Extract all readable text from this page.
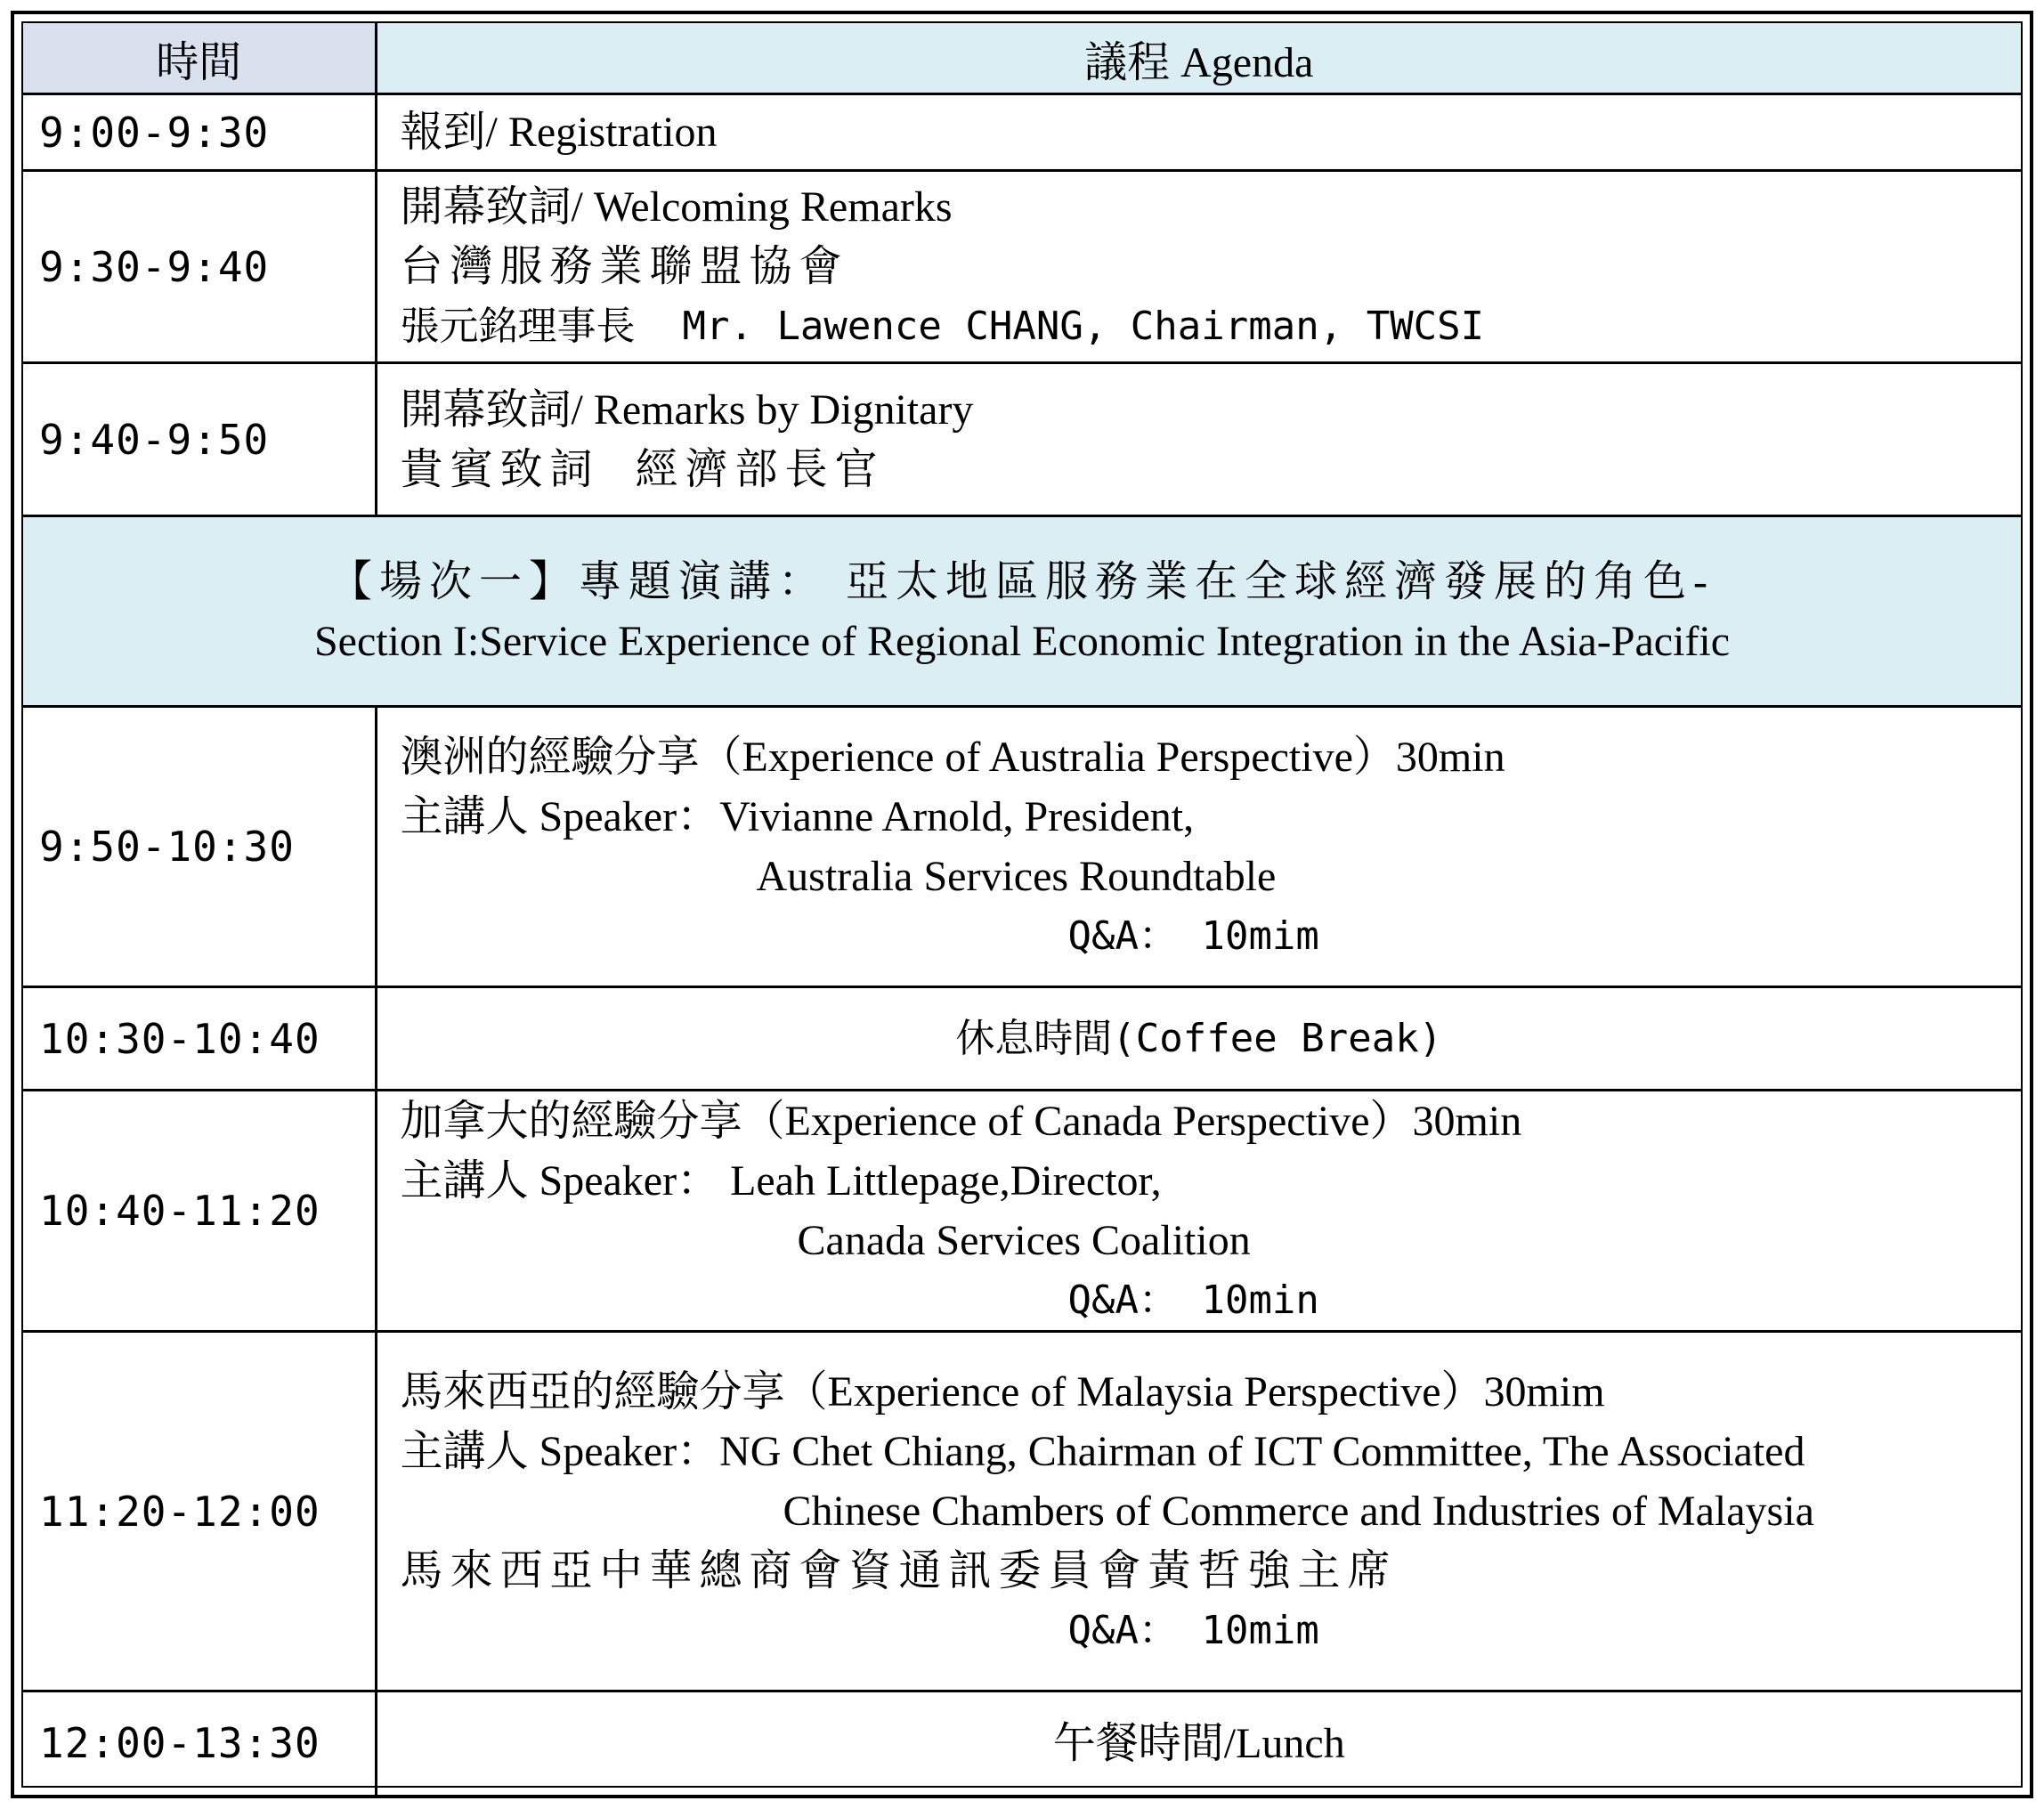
時間	議程 Agenda
9:00-9:30	報到/ Registration

9:30-9:40	開幕致詞/ Welcoming Remarks
台灣服務業聯盟協會
張元銘理事長  Mr. Lawence CHANG, Chairman, TWCSI

9:40-9:50	開幕致詞/ Remarks by Dignitary
貴賓致詞  經濟部長官

【場次一】專題演講： 亞太地區服務業在全球經濟發展的角色-
Section I:Service Experience of Regional Economic Integration in the Asia-Pacific	

9:50-10:30	澳洲的經驗分享（Experience of Australia Perspective）30min
主講人 Speaker：Vivianne Arnold, President,
Australia Services Roundtable
Q&A： 10mim

10:30-10:40	休息時間(Coffee Break)

10:40-11:20	加拿大的經驗分享（Experience of Canada Perspective）30min
主講人 Speaker： Leah Littlepage,Director,
Canada Services Coalition
Q&A： 10min

11:20-12:00	馬來西亞的經驗分享（Experience of Malaysia Perspective）30mim
主講人 Speaker：NG Chet Chiang, Chairman of ICT Committee, The Associated
Chinese Chambers of Commerce and Industries of Malaysia
馬來西亞中華總商會資通訊委員會黃哲強主席
Q&A： 10mim

12:00-13:30	午餐時間/Lunch
